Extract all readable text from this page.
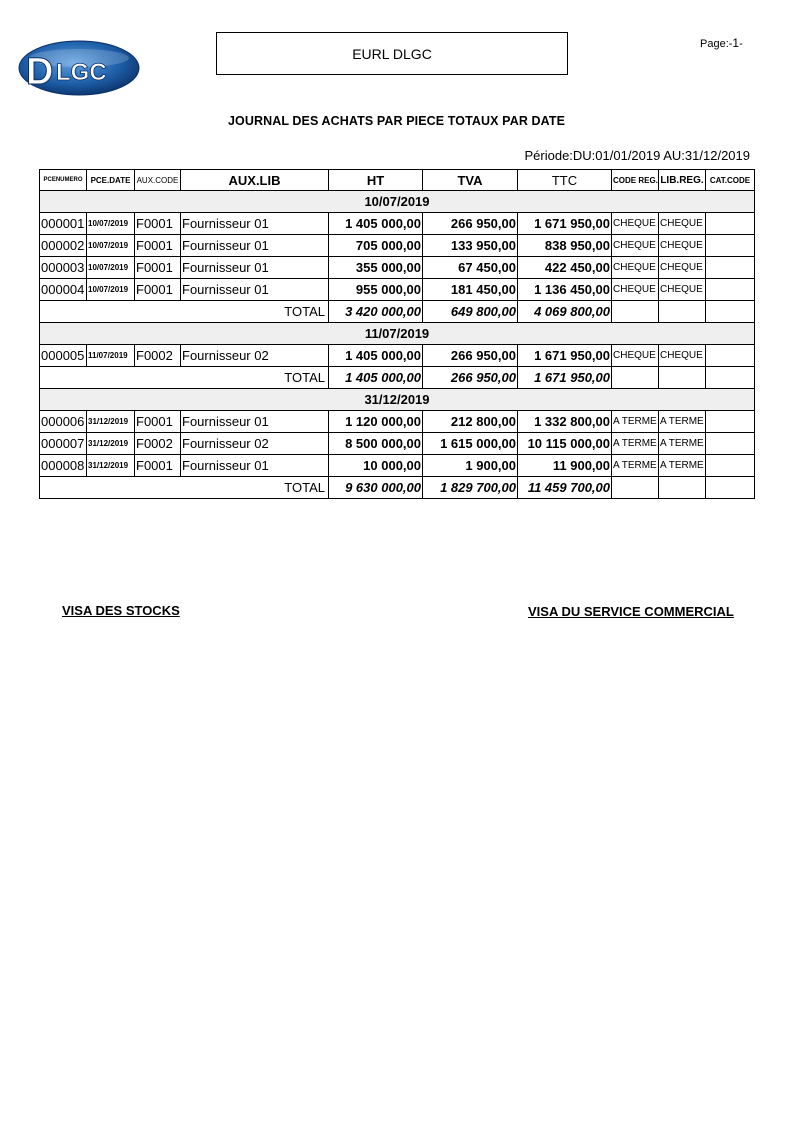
D LGC
EURL DLGC
Page:-1-
JOURNAL DES ACHATS PAR PIECE TOTAUX PAR DATE
Période:DU:01/01/2019 AU:31/12/2019
PCENUMERO	PCE.DATE	AUX.CODE	AUX.LIB	HT	TVA	TTC	CODE REG.	LIB.REG.	CAT.CODE
10/07/2019									
000001	10/07/2019	F0001	Fournisseur 01	1 405 000,00	266 950,00	1 671 950,00	CHEQUE	CHEQUE	
000002	10/07/2019	F0001	Fournisseur 01	705 000,00	133 950,00	838 950,00	CHEQUE	CHEQUE	
000003	10/07/2019	F0001	Fournisseur 01	355 000,00	67 450,00	422 450,00	CHEQUE	CHEQUE	
000004	10/07/2019	F0001	Fournisseur 01	955 000,00	181 450,00	1 136 450,00	CHEQUE	CHEQUE	
TOTAL				3 420 000,00	649 800,00	4 069 800,00			
11/07/2019									
000005	11/07/2019	F0002	Fournisseur 02	1 405 000,00	266 950,00	1 671 950,00	CHEQUE	CHEQUE	
TOTAL				1 405 000,00	266 950,00	1 671 950,00			
31/12/2019									
000006	31/12/2019	F0001	Fournisseur 01	1 120 000,00	212 800,00	1 332 800,00	A TERME	A TERME	
000007	31/12/2019	F0002	Fournisseur 02	8 500 000,00	1 615 000,00	10 115 000,00	A TERME	A TERME	
000008	31/12/2019	F0001	Fournisseur 01	10 000,00	1 900,00	11 900,00	A TERME	A TERME	
TOTAL				9 630 000,00	1 829 700,00	11 459 700,00			
VISA DES STOCKS	VISA DU SERVICE COMMERCIAL
